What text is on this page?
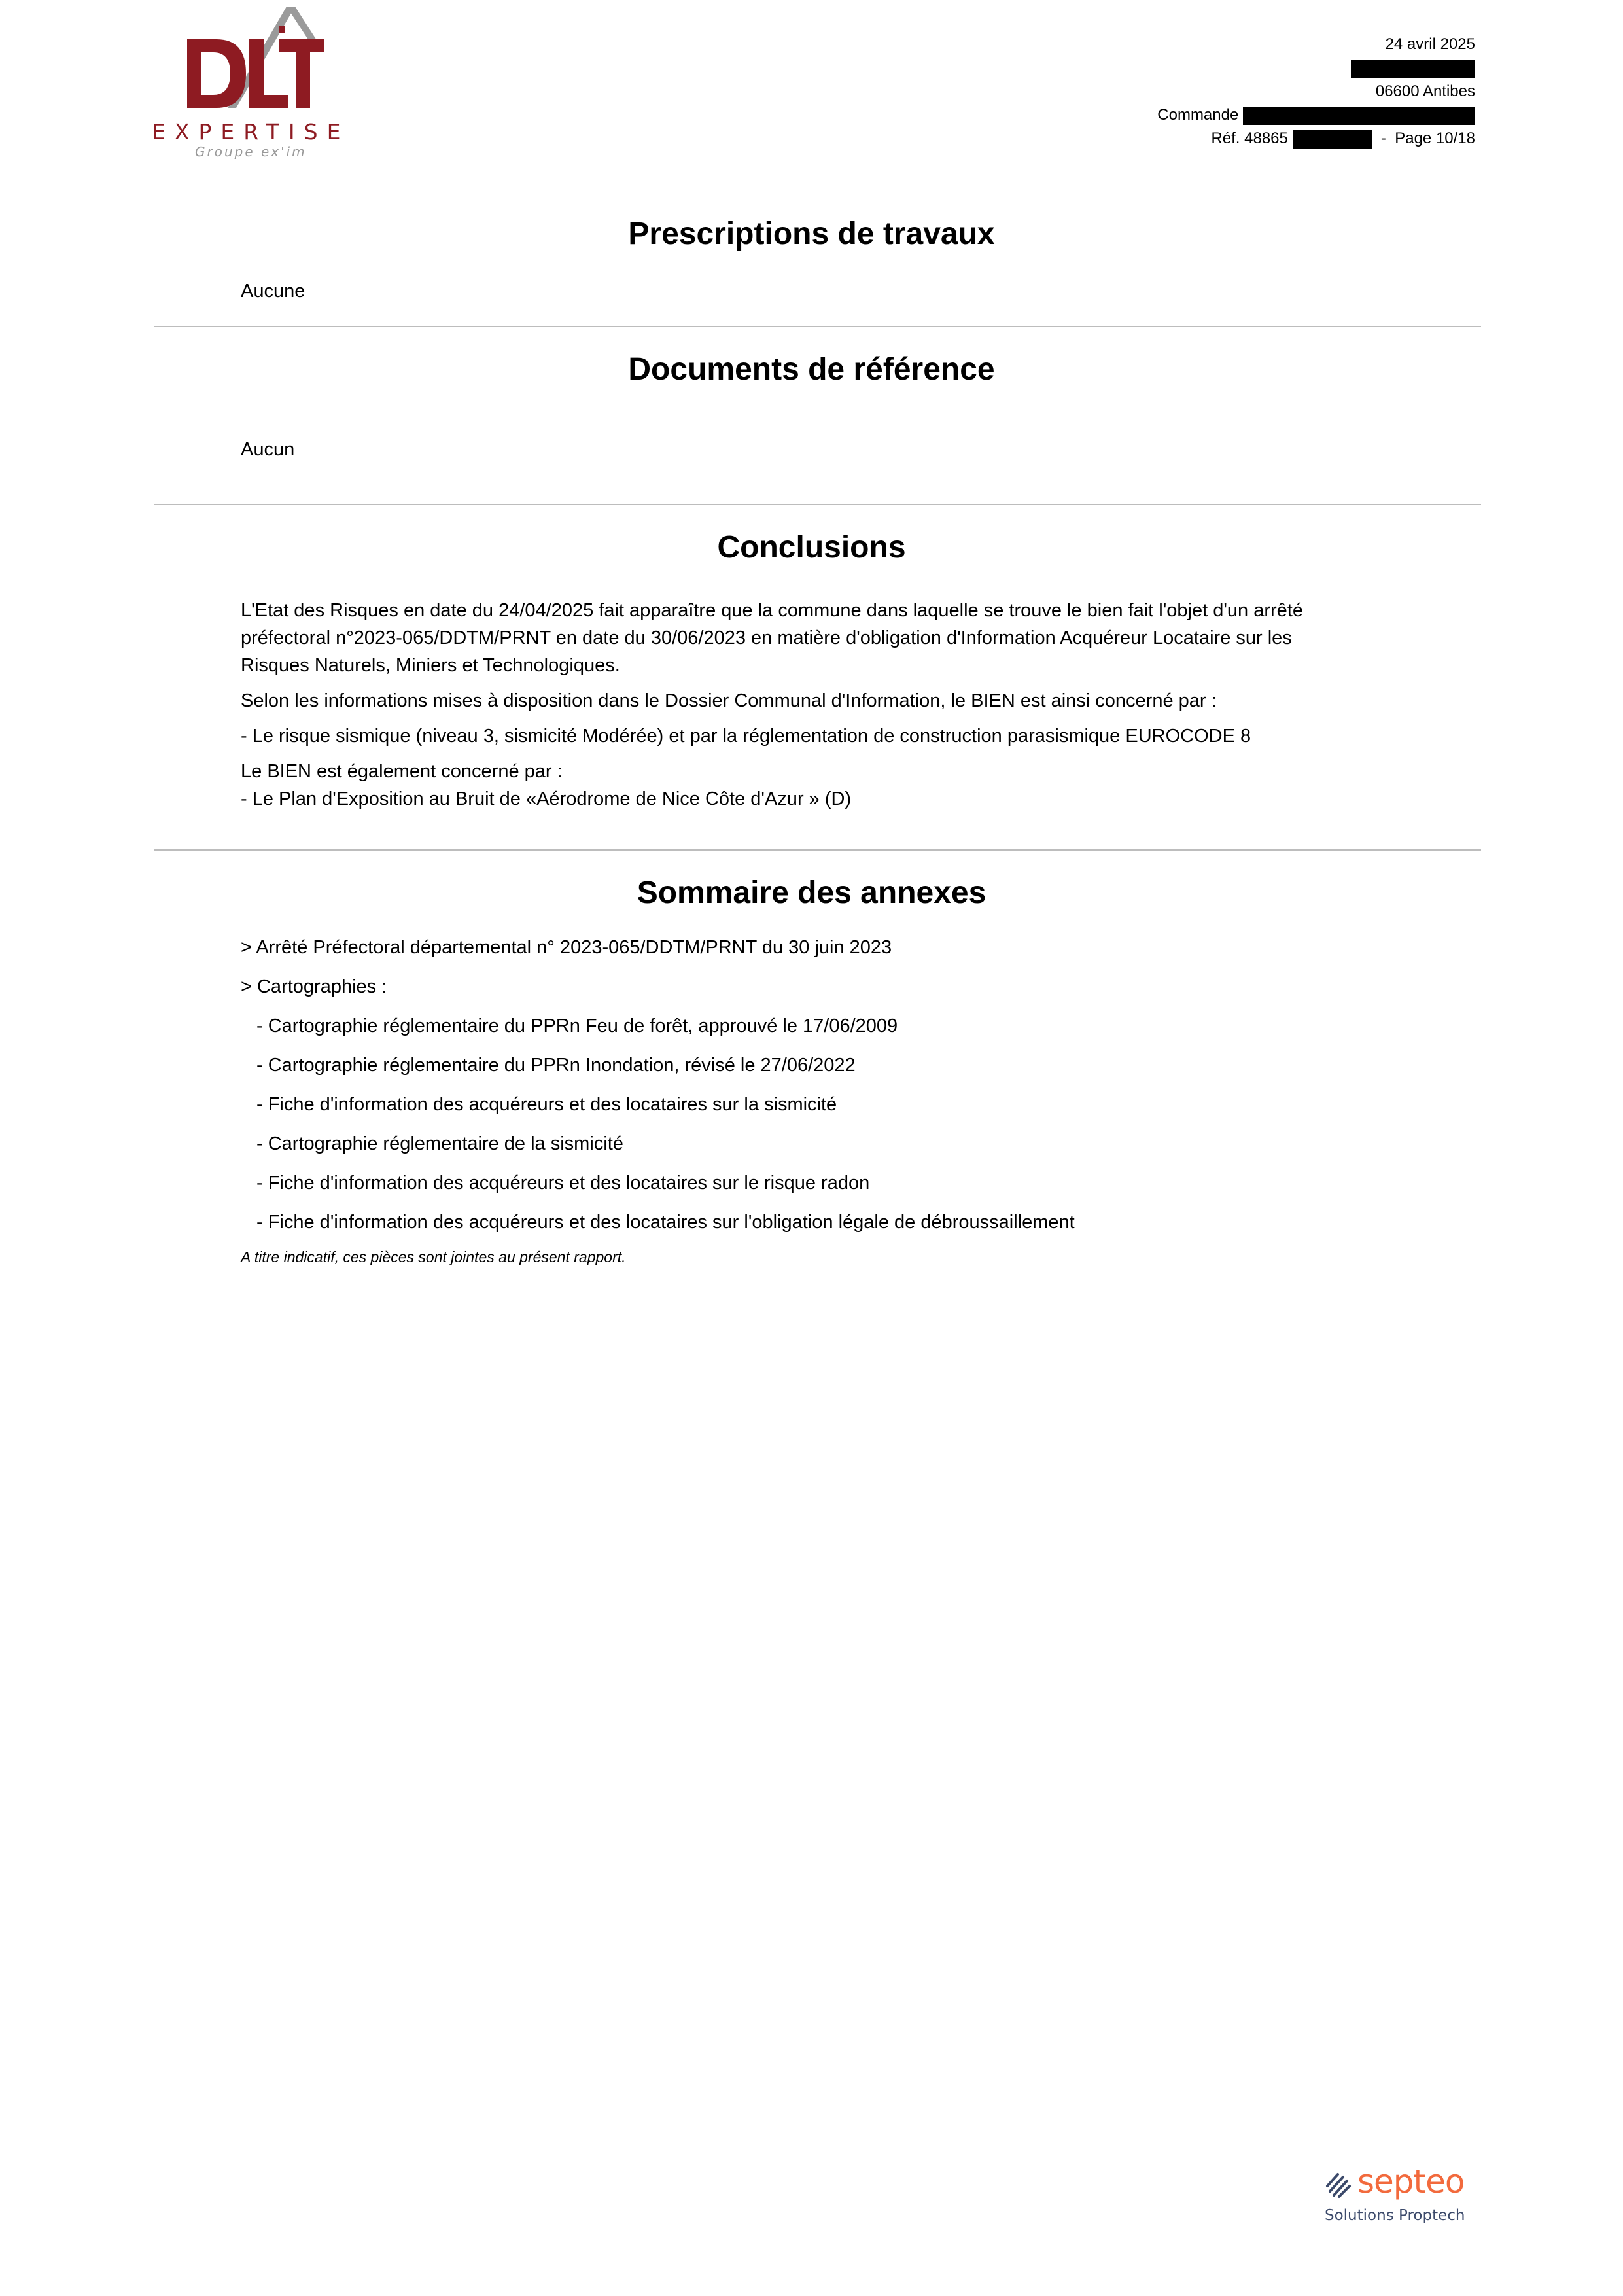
EXPERTISE
Groupe ex'im
24 avril 2025
06600 Antibes
Commande
Réf. 48865	- Page 10/18
Prescriptions de travaux
Aucune
Documents de référence
Aucun
Conclusions

L'Etat des Risques en date du 24/04/2025 fait apparaître que la commune dans laquelle se trouve le bien fait l'objet d'un arrêté préfectoral n°2023-065/DDTM/PRNT en date du 30/06/2023 en matière d'obligation d'Information Acquéreur Locataire sur les Risques Naturels, Miniers et Technologiques.

Selon les informations mises à disposition dans le Dossier Communal d'Information, le BIEN est ainsi concerné par :

- Le risque sismique (niveau 3, sismicité Modérée) et par la réglementation de construction parasismique EUROCODE 8

Le BIEN est également concerné par :

- Le Plan d'Exposition au Bruit de «Aérodrome de Nice Côte d'Azur » (D)

Sommaire des annexes
> Arrêté Préfectoral départemental n° 2023-065/DDTM/PRNT du 30 juin 2023
> Cartographies :
- Cartographie réglementaire du PPRn Feu de forêt, approuvé le 17/06/2009
- Cartographie réglementaire du PPRn Inondation, révisé le 27/06/2022
- Fiche d'information des acquéreurs et des locataires sur la sismicité
- Cartographie réglementaire de la sismicité
- Fiche d'information des acquéreurs et des locataires sur le risque radon
- Fiche d'information des acquéreurs et des locataires sur l'obligation légale de débroussaillement
A titre indicatif, ces pièces sont jointes au présent rapport.
septeo
Solutions Proptech
